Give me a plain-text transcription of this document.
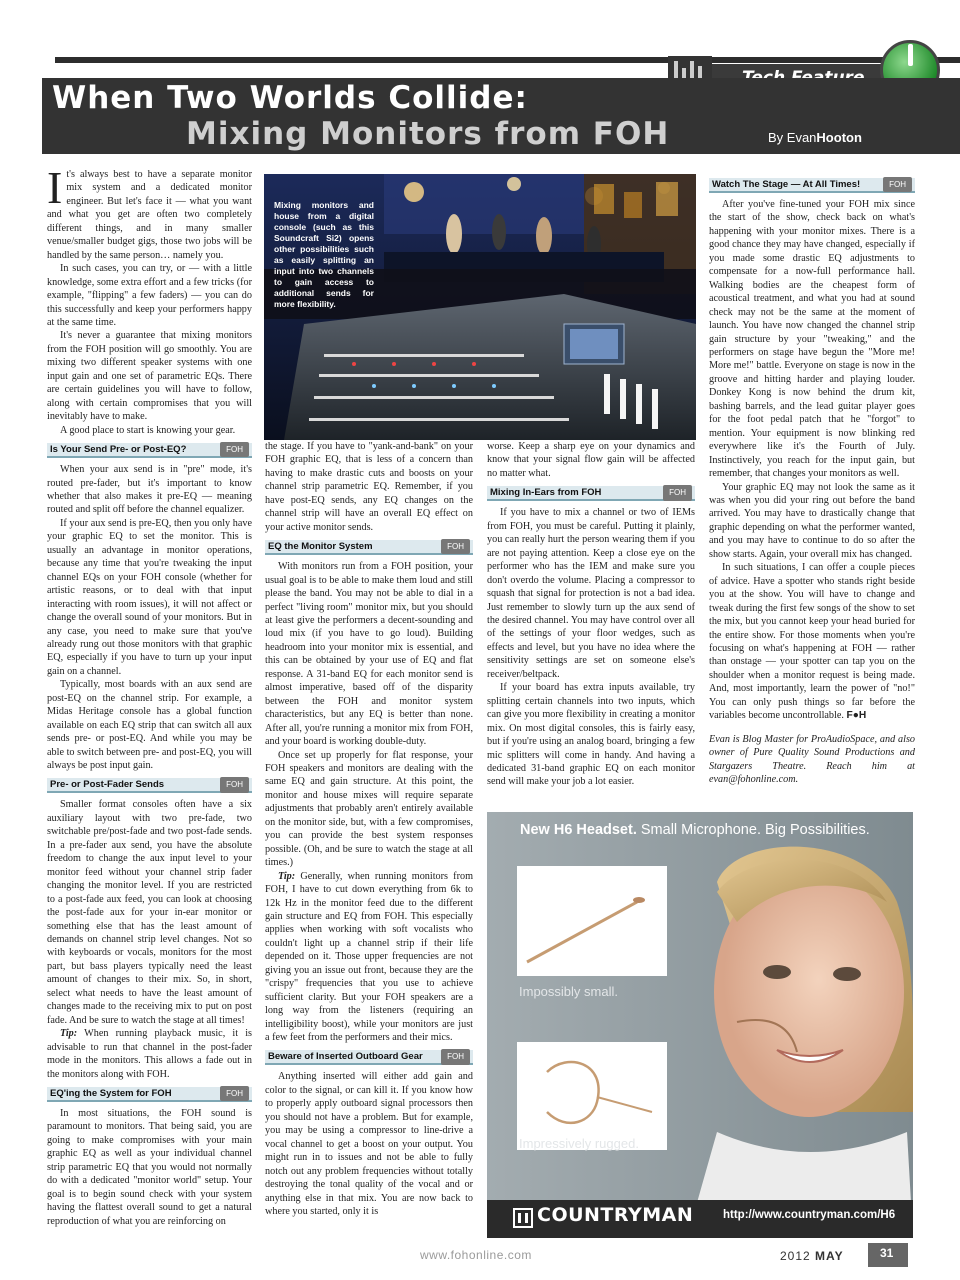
When Two Worlds Collide:
Mixing Monitors from FOH	By EvanHooton
Mixing monitors and house from a digital console (such as this Soundcraft Si2) opens other possibilities such as easily splitting an input into two channels to gain access to additional sends for more flexibility.

It's always best to have a separate monitor mix system and a dedicated monitor engineer. But let's face it — what you want and what you get are often two completely different things, and in many smaller venue/smaller budget gigs, those two jobs will be handled by the same person… namely you.

In such cases, you can try, or — with a little knowledge, some extra effort and a few tricks (for example, "flipping" a few faders) — you can do this successfully and keep your performers happy at the same time.

It's never a guarantee that mixing monitors from the FOH position will go smoothly. You are mixing two different speaker systems with one input gain and one set of parametric EQs. There are certain guidelines you will have to follow, along with certain compromises that you will inevitably have to make.

A good place to start is knowing your gear.

Is Your Send Pre- or Post-EQ?	FOH

When your aux send is in "pre" mode, it's routed pre-fader, but it's important to know whether that also makes it pre-EQ — meaning routed and split off before the channel equalizer.

If your aux send is pre-EQ, then you only have your graphic EQ to set the monitor. This is usually an advantage in monitor operations, because any time that you're tweaking the input channel EQs on your FOH console (whether for artistic reasons, or to deal with that input interacting with room issues), it will not affect or change the overall sound of your monitors. But in any case, you need to make sure that you've already rung out those monitors with that graphic EQ, especially if you have to turn up your input gain on a channel.

Typically, most boards with an aux send are post-EQ on the channel strip. For example, a Midas Heritage console has a global function available on each EQ strip that can switch all aux sends pre- or post-EQ. And while you may be able to switch between pre- and post-EQ, you will always be post input gain.

Pre- or Post-Fader Sends	FOH

Smaller format consoles often have a six auxiliary layout with two pre-fade, two switchable pre/post-fade and two post-fade sends. In a pre-fader aux send, you have the absolute freedom to change the aux input level to your monitor feed without your channel strip fader changing the monitor level. If you are restricted to a post-fade aux feed, you can look at choosing the post-fade aux for your in-ear monitor or something else that has the least amount of demands on channel strip level changes. Not so with keyboards or vocals, monitors for the most part, but bass players typically need the least amount of changes to their mix. So, in short, select what needs to have the least amount of changes made to the receiving mix to put on post fade. And be sure to watch the stage at all times!

Tip: When running playback music, it is advisable to run that channel in the post-fader mode in the monitors. This allows a fade out in the monitors along with FOH.

EQ'ing the System for FOH	FOH

In most situations, the FOH sound is paramount to monitors. That being said, you are going to make compromises with your main graphic EQ as well as your individual channel strip parametric EQ that you would not normally do with a dedicated "monitor world" setup. Your goal is to begin sound check with your system having the flattest overall sound to get a natural reproduction of what you are reinforcing on

the stage. If you have to "yank-and-bank" on your FOH graphic EQ, that is less of a concern than having to make drastic cuts and boosts on your channel strip parametric EQ. Remember, if you have post-EQ sends, any EQ changes on the channel strip will have an overall EQ effect on your active monitor sends.

EQ the Monitor System	FOH

With monitors run from a FOH position, your usual goal is to be able to make them loud and still please the band. You may not be able to dial in a perfect "living room" monitor mix, but you should at least give the performers a decent-sounding and loud mix (if you have to go loud). Building headroom into your monitor mix is essential, and this can be obtained by your use of EQ and flat response. A 31-band EQ for each monitor send is almost imperative, based off of the disparity between the FOH and monitor system characteristics, but any EQ is better than none. After all, you're running a monitor mix from FOH, and your board is working double-duty.

Once set up properly for flat response, your FOH speakers and monitors are dealing with the same EQ and gain structure. At this point, the monitor and house mixes will require separate adjustments that probably aren't entirely available on the monitor side, but, with a few compromises, you can provide the best system responses possible. (Oh, and be sure to watch the stage at all times.)

Tip: Generally, when running monitors from FOH, I have to cut down everything from 6k to 12k Hz in the monitor feed due to the different gain structure and EQ from FOH. This especially applies when working with soft vocalists who couldn't light up a channel strip if their life depended on it. Those upper frequencies are not giving you an issue out front, because they are the "crispy" frequencies that you use to achieve sufficient clarity. But your FOH speakers are a long way from the listeners (requiring an intelligibility boost), while your monitors are just a few feet from the performers and their mics.

Beware of Inserted Outboard Gear	FOH

Anything inserted will either add gain and color to the signal, or can kill it. If you know how to properly apply outboard signal processors then you should not have a problem. But for example, you may be using a compressor to line-drive a vocal channel to get a boost on your output. You might run in to issues and not be able to fully notch out any problem frequencies without totally destroying the tonal quality of the vocal and or anything else in that mix. You are now back to where you started, only it is

worse. Keep a sharp eye on your dynamics and know that your signal flow gain will be affected no matter what.

Mixing In-Ears from FOH	FOH

If you have to mix a channel or two of IEMs from FOH, you must be careful. Putting it plainly, you can really hurt the person wearing them if you are not paying attention. Keep a close eye on the performer who has the IEM and make sure you don't overdo the volume. Placing a compressor to squash that signal for protection is not a bad idea. Just remember to slowly turn up the aux send of the desired channel. You may have control over all of the settings of your floor wedges, such as effects and level, but you have no idea where the sensitivity settings are set on someone else's receiver/beltpack.

If your board has extra inputs available, try splitting certain channels into two inputs, which can give you more flexibility in creating a monitor mix. On most digital consoles, this is fairly easy, but if you're using an analog board, bringing a few mic splitters will come in handy. And having a dedicated 31-band graphic EQ on each monitor send will make your job a lot easier.

Watch The Stage — At All Times!	FOH

After you've fine-tuned your FOH mix since the start of the show, check back on what's happening with your monitor mixes. There is a good chance they may have changed, especially if you made some drastic EQ adjustments to compensate for a now-full performance hall. Walking bodies are the cheapest form of acoustical treatment, and what you had at sound check may not be the same at the moment of launch. You have now changed the channel strip gain structure by your "tweaking," and the performers on stage have begun the "More me! More me!" battle. Everyone on stage is now in the groove and hitting harder and playing louder. Donkey Kong is now behind the drum kit, bashing barrels, and the lead guitar player goes for the foot pedal patch that he "forgot" to mention. Your equipment is now blinking red everywhere like it's the Fourth of July. Instinctively, you reach for the input gain, but remember, that changes your monitors as well.

Your graphic EQ may not look the same as it was when you did your ring out before the band arrived. You may have to drastically change that graphic depending on what the performer wanted, and you may have to continue to do so after the show starts. Again, your overall mix has changed.

In such situations, I can offer a couple pieces of advice. Have a spotter who stands right beside you at the show. You will have to change and tweak during the first few songs of the show to set the mix, but you cannot keep your head buried for the entire show. For those moments when you're focusing on what's happening at FOH — rather than onstage — your spotter can tap you on the shoulder when a monitor request is being made. And, most importantly, learn the power of "no!" You can only push things so far before the variables become uncontrollable. F●H

Evan is Blog Master for ProAudioSpace, and also owner of Pure Quality Sound Productions and Stargazers Theatre. Reach him at evan@fohonline.com.

New H6 Headset. Small Microphone. Big Possibilities.
Impossibly small.
Impressively rugged.
COUNTRYMAN	http://www.countryman.com/H6
www.fohonline.com	2012 MAY	31
